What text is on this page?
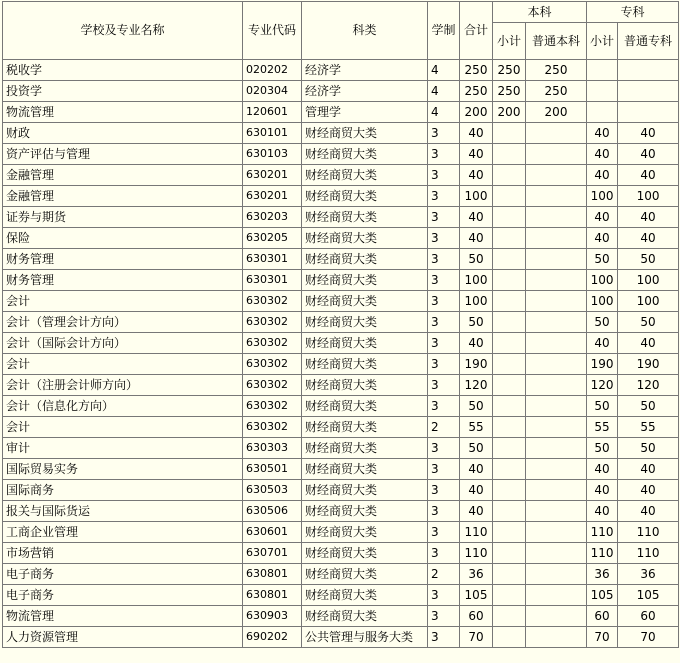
学校及专业名称	专业代码	科类	学制	合计	本科		专科	
					小计	普通本科	小计	普通专科
税收学	020202	经济学	4	250	250	250		
投资学	020304	经济学	4	250	250	250		
物流管理	120601	管理学	4	200	200	200		
财政	630101	财经商贸大类	3	40			40	40
资产评估与管理	630103	财经商贸大类	3	40			40	40
金融管理	630201	财经商贸大类	3	40			40	40
金融管理	630201	财经商贸大类	3	100			100	100
证券与期货	630203	财经商贸大类	3	40			40	40
保险	630205	财经商贸大类	3	40			40	40
财务管理	630301	财经商贸大类	3	50			50	50
财务管理	630301	财经商贸大类	3	100			100	100
会计	630302	财经商贸大类	3	100			100	100
会计（管理会计方向）	630302	财经商贸大类	3	50			50	50
会计（国际会计方向）	630302	财经商贸大类	3	40			40	40
会计	630302	财经商贸大类	3	190			190	190
会计（注册会计师方向）	630302	财经商贸大类	3	120			120	120
会计（信息化方向）	630302	财经商贸大类	3	50			50	50
会计	630302	财经商贸大类	2	55			55	55
审计	630303	财经商贸大类	3	50			50	50
国际贸易实务	630501	财经商贸大类	3	40			40	40
国际商务	630503	财经商贸大类	3	40			40	40
报关与国际货运	630506	财经商贸大类	3	40			40	40
工商企业管理	630601	财经商贸大类	3	110			110	110
市场营销	630701	财经商贸大类	3	110			110	110
电子商务	630801	财经商贸大类	2	36			36	36
电子商务	630801	财经商贸大类	3	105			105	105
物流管理	630903	财经商贸大类	3	60			60	60
人力资源管理	690202	公共管理与服务大类	3	70			70	70
